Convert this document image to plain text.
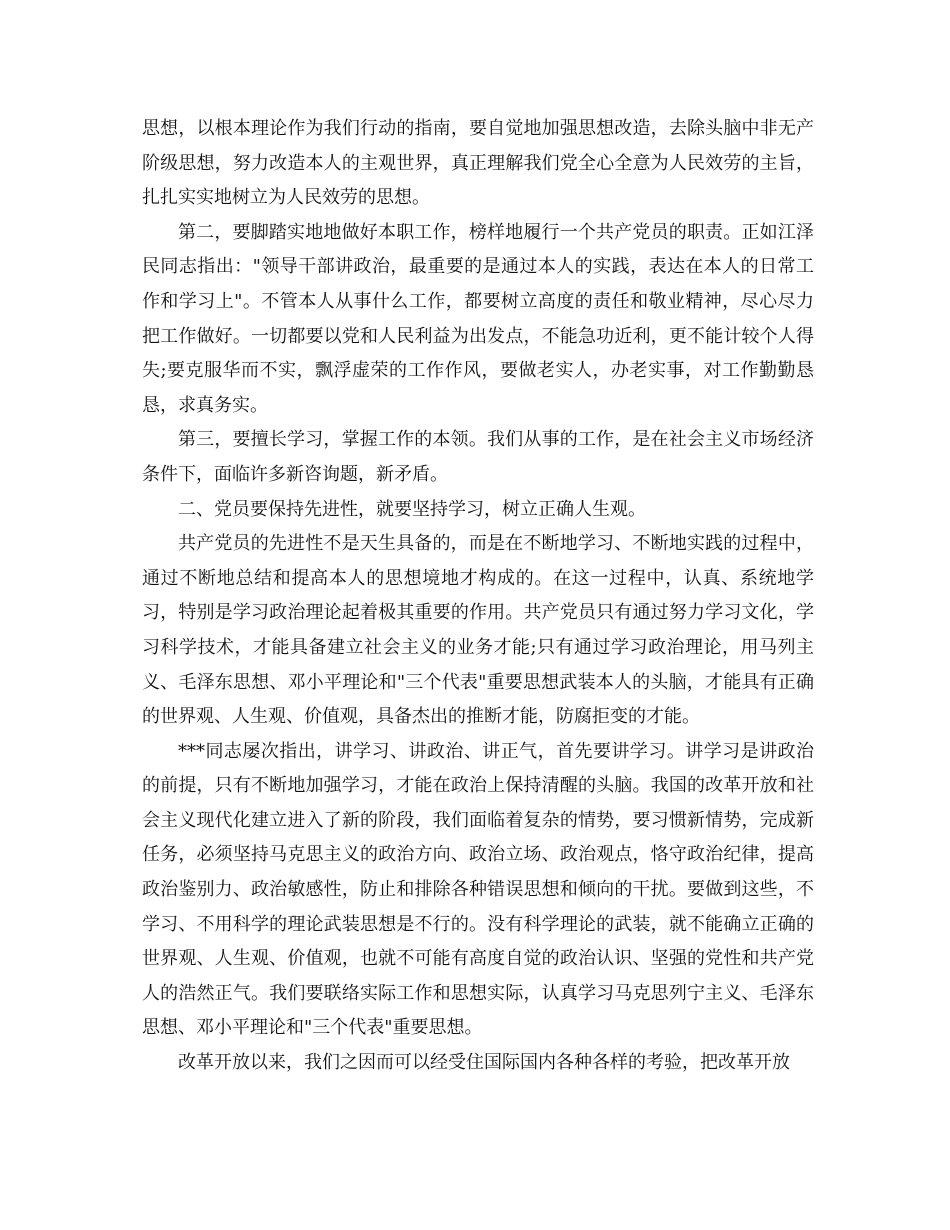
思想，以根本理论作为我们行动的指南，要自觉地加强思想改造，去除头脑中非无产阶级思想，努力改造本人的主观世界，真正理解我们党全心全意为人民效劳的主旨，扎扎实实地树立为人民效劳的思想。

第二，要脚踏实地地做好本职工作，榜样地履行一个共产党员的职责。正如江泽民同志指出："领导干部讲政治，最重要的是通过本人的实践，表达在本人的日常工作和学习上"。不管本人从事什么工作，都要树立高度的责任和敬业精神，尽心尽力把工作做好。一切都要以党和人民利益为出发点，不能急功近利，更不能计较个人得失;要克服华而不实，飘浮虚荣的工作作风，要做老实人，办老实事，对工作勤勤恳恳，求真务实。

第三，要擅长学习，掌握工作的本领。我们从事的工作，是在社会主义市场经济条件下，面临许多新咨询题，新矛盾。

二、党员要保持先进性，就要坚持学习，树立正确人生观。

共产党员的先进性不是天生具备的，而是在不断地学习、不断地实践的过程中，通过不断地总结和提高本人的思想境地才构成的。在这一过程中，认真、系统地学习，特别是学习政治理论起着极其重要的作用。共产党员只有通过努力学习文化，学习科学技术，才能具备建立社会主义的业务才能;只有通过学习政治理论，用马列主义、毛泽东思想、邓小平理论和"三个代表"重要思想武装本人的头脑，才能具有正确的世界观、人生观、价值观，具备杰出的推断才能，防腐拒变的才能。

***同志屡次指出，讲学习、讲政治、讲正气，首先要讲学习。讲学习是讲政治的前提，只有不断地加强学习，才能在政治上保持清醒的头脑。我国的改革开放和社会主义现代化建立进入了新的阶段，我们面临着复杂的情势，要习惯新情势，完成新任务，必须坚持马克思主义的政治方向、政治立场、政治观点，恪守政治纪律，提高政治鉴别力、政治敏感性，防止和排除各种错误思想和倾向的干扰。要做到这些，不学习、不用科学的理论武装思想是不行的。没有科学理论的武装，就不能确立正确的世界观、人生观、价值观，也就不可能有高度自觉的政治认识、坚强的党性和共产党人的浩然正气。我们要联络实际工作和思想实际，认真学习马克思列宁主义、毛泽东思想、邓小平理论和"三个代表"重要思想。

改革开放以来，我们之因而可以经受住国际国内各种各样的考验，把改革开放
